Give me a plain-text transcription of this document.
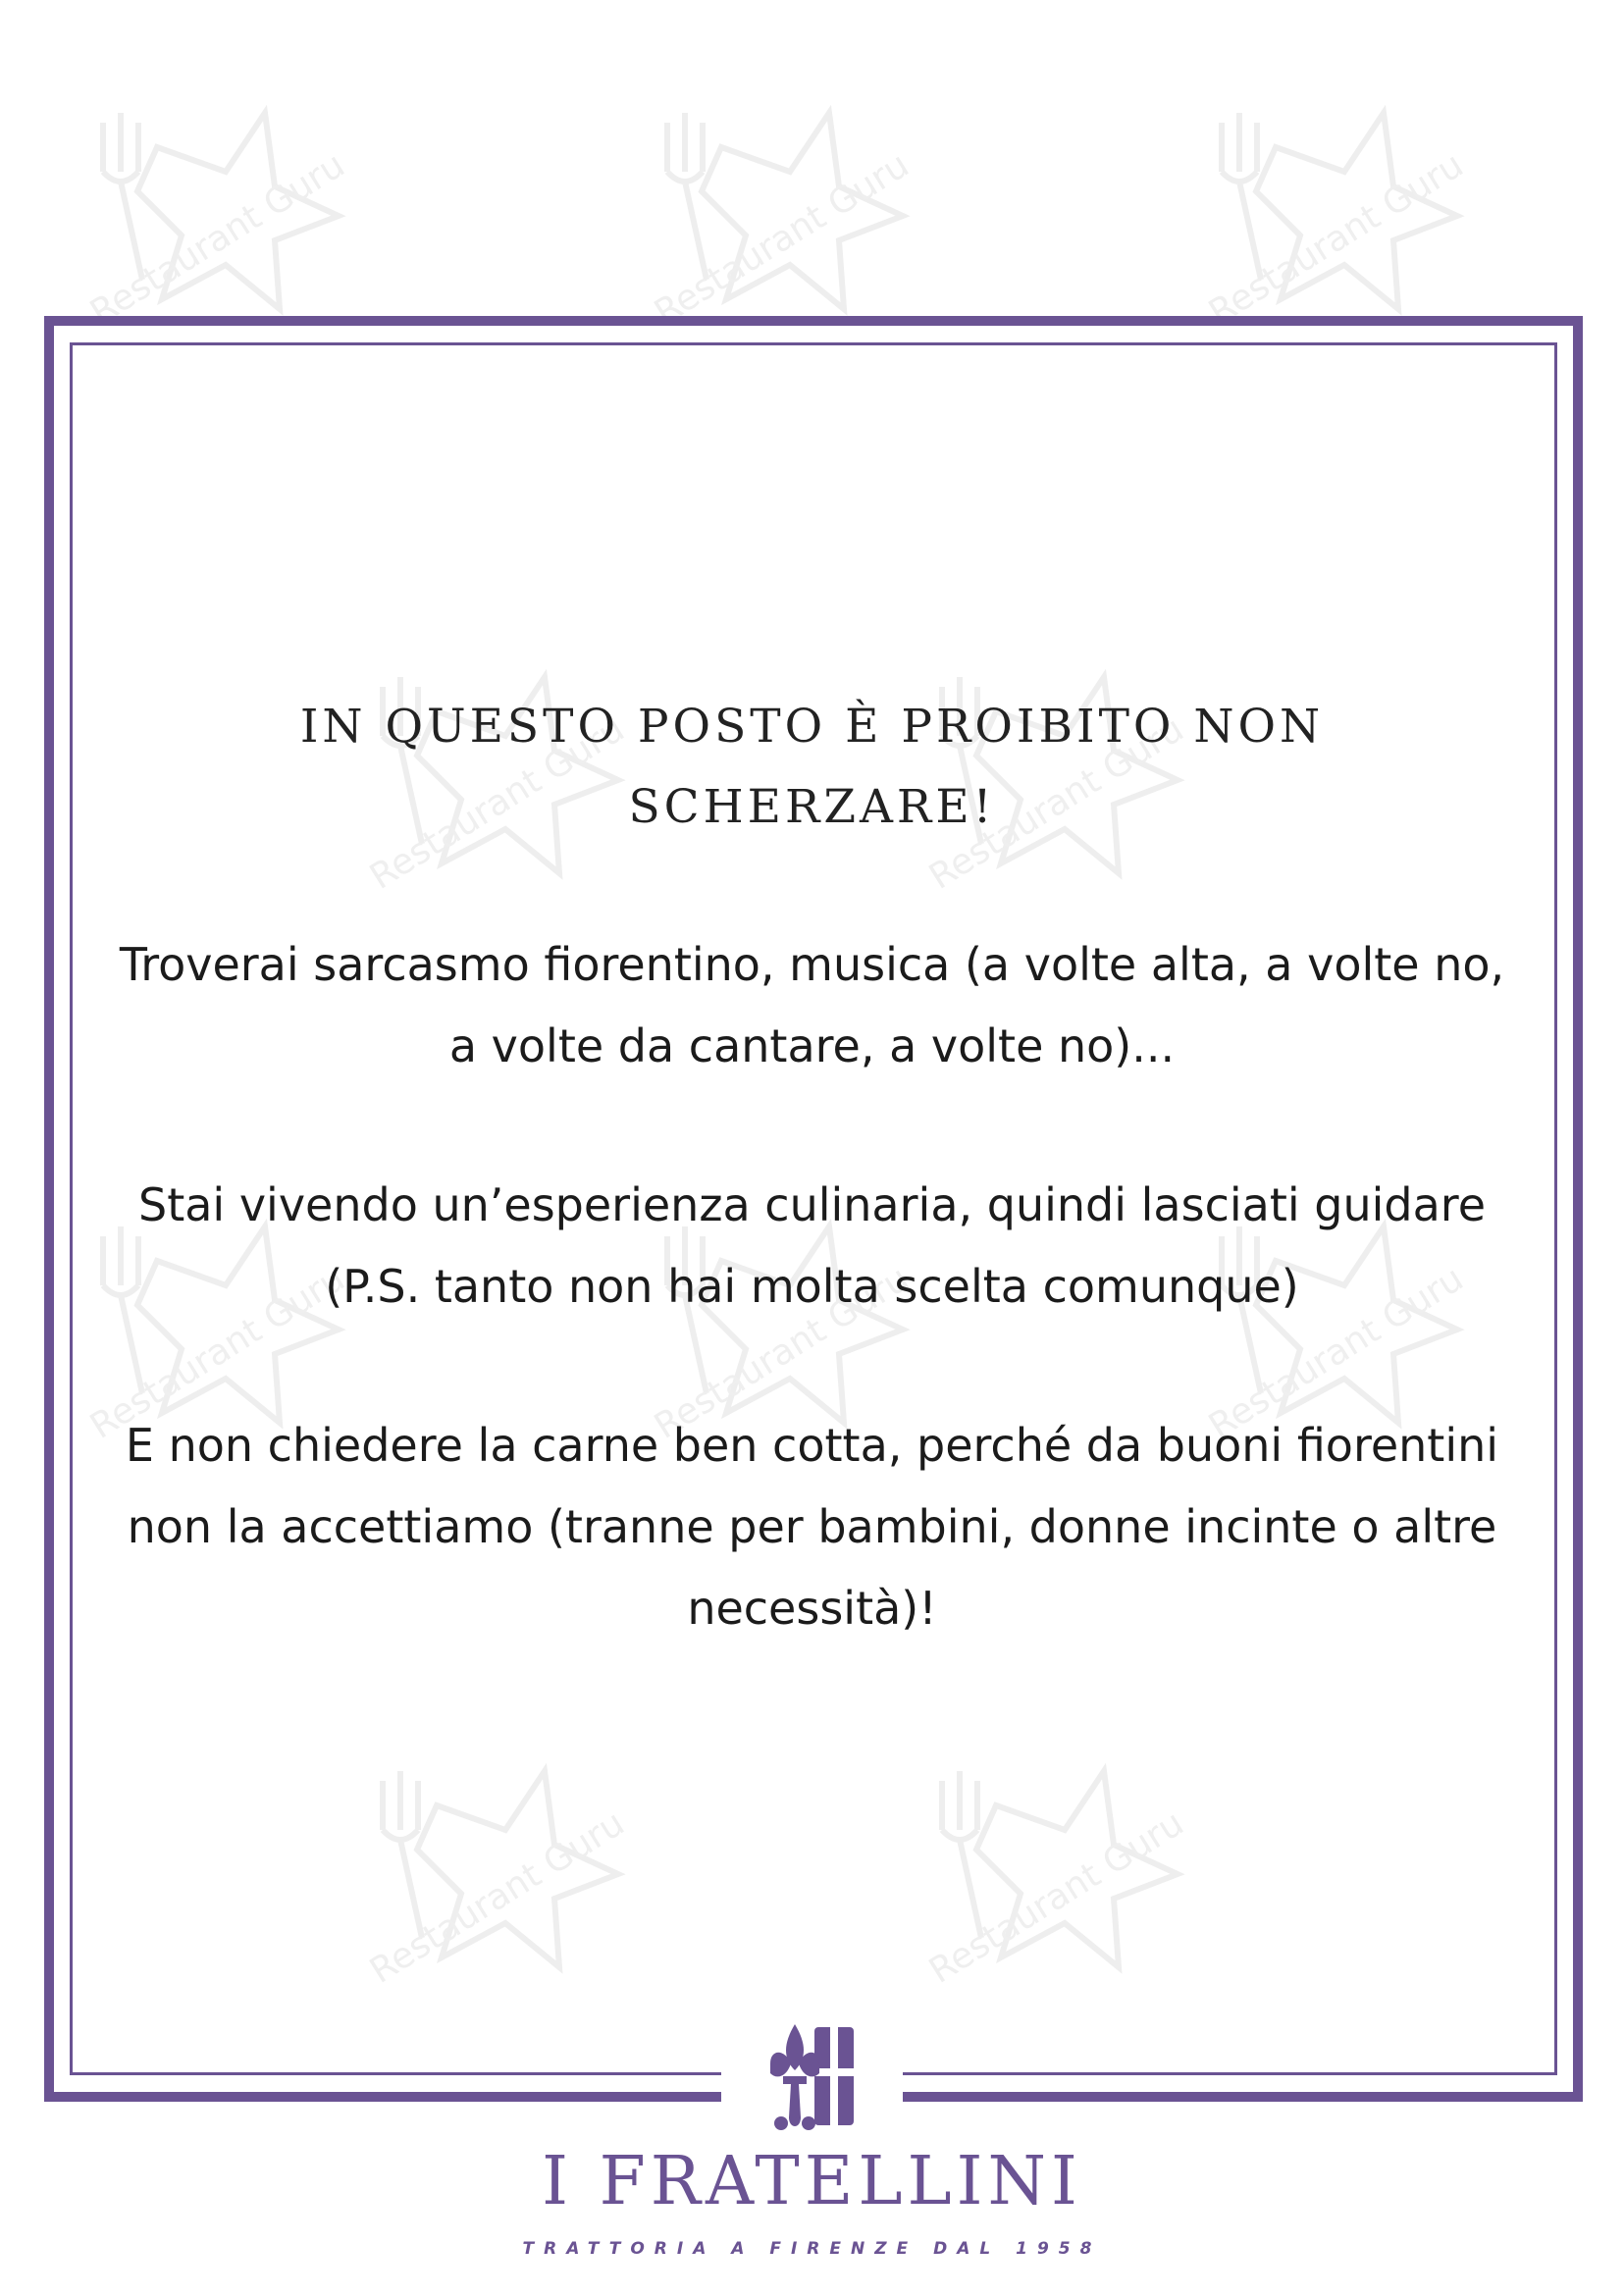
Restaurant Guru	Restaurant Guru	Restaurant Guru
Restaurant Guru	Restaurant Guru
Restaurant Guru	Restaurant Guru	Restaurant Guru
Restaurant Guru	Restaurant Guru
IN QUESTO POSTO È PROIBITO NON SCHERZARE!
Troverai sarcasmo fiorentino, musica (a volte alta, a volte no, a volte da cantare, a volte no)...
Stai vivendo un’esperienza culinaria, quindi lasciati guidare (P.S. tanto non hai molta scelta comunque)
E non chiedere la carne ben cotta, perché da buoni fiorentini non la accettiamo (tranne per bambini, donne incinte o altre necessità)!
I FRATELLINI
TRATTORIA A FIRENZE DAL 1958
